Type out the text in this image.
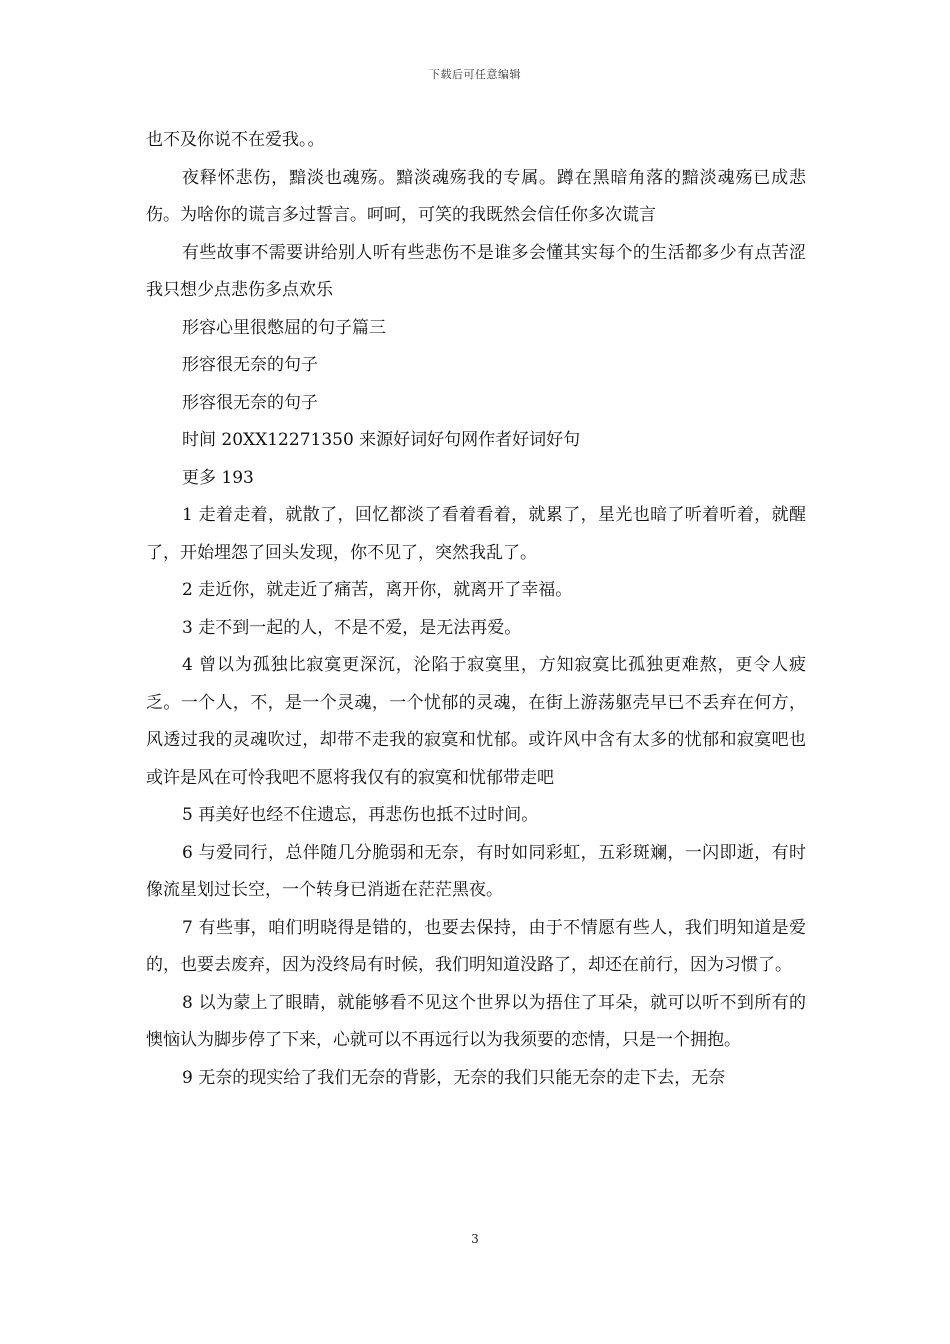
下载后可任意编辑

也不及你说不在爱我。。

夜释怀悲伤，黯淡也魂殇。黯淡魂殇我的专属。蹲在黑暗角落的黯淡魂殇已成悲伤。为啥你的谎言多过誓言。呵呵，可笑的我既然会信任你多次谎言

有些故事不需要讲给别人听有些悲伤不是谁多会懂其实每个的生活都多少有点苦涩我只想少点悲伤多点欢乐

形容心里很憋屈的句子篇三

形容很无奈的句子

形容很无奈的句子

时间 20XX12271350 来源好词好句网作者好词好句

更多 193

1 走着走着，就散了，回忆都淡了看着看着，就累了，星光也暗了听着听着，就醒了，开始埋怨了回头发现，你不见了，突然我乱了。

2 走近你，就走近了痛苦，离开你，就离开了幸福。

3 走不到一起的人，不是不爱，是无法再爱。

4 曾以为孤独比寂寞更深沉，沦陷于寂寞里，方知寂寞比孤独更难熬，更令人疲乏。一个人，不，是一个灵魂，一个忧郁的灵魂，在街上游荡躯壳早已不丢弃在何方，风透过我的灵魂吹过，却带不走我的寂寞和忧郁。或许风中含有太多的忧郁和寂寞吧也或许是风在可怜我吧不愿将我仅有的寂寞和忧郁带走吧

5 再美好也经不住遗忘，再悲伤也抵不过时间。

6 与爱同行，总伴随几分脆弱和无奈，有时如同彩虹，五彩斑斓，一闪即逝，有时像流星划过长空，一个转身已消逝在茫茫黑夜。

7 有些事，咱们明晓得是错的，也要去保持，由于不情愿有些人，我们明知道是爱的，也要去废弃，因为没终局有时候，我们明知道没路了，却还在前行，因为习惯了。

8 以为蒙上了眼睛，就能够看不见这个世界以为捂住了耳朵，就可以听不到所有的懊恼认为脚步停了下来，心就可以不再远行以为我须要的恋情，只是一个拥抱。

9 无奈的现实给了我们无奈的背影，无奈的我们只能无奈的走下去，无奈

3
